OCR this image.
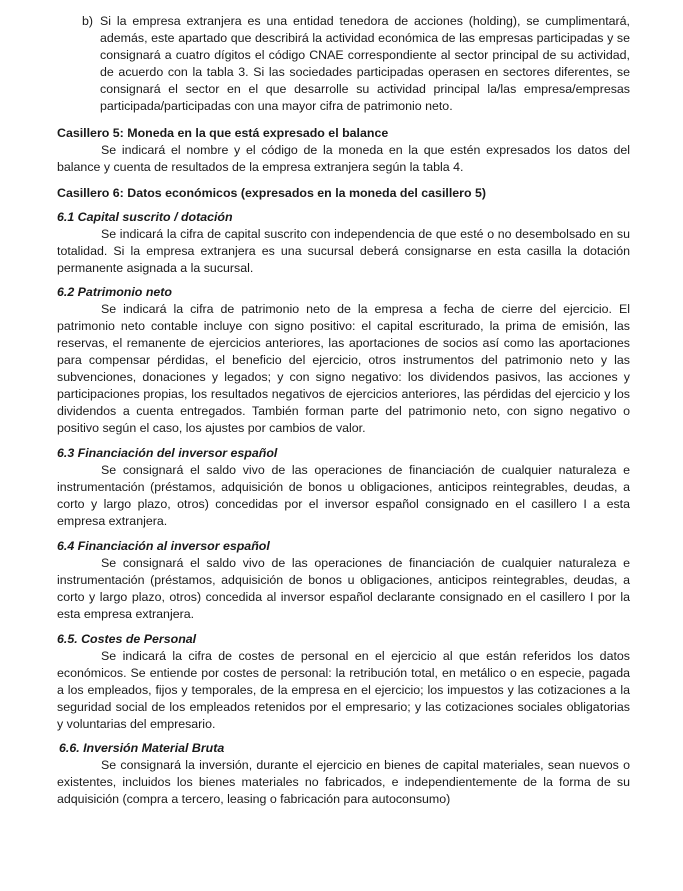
b) Si la empresa extranjera es una entidad tenedora de acciones (holding), se cumplimentará, además, este apartado que describirá la actividad económica de las empresas participadas y se consignará a cuatro dígitos el código CNAE correspondiente al sector principal de su actividad, de acuerdo con la tabla 3. Si las sociedades participadas operasen en sectores diferentes, se consignará el sector en el que desarrolle su actividad principal la/las empresa/empresas participada/participadas con una mayor cifra de patrimonio neto.

Casillero 5: Moneda en la que está expresado el balance

Se indicará el nombre y el código de la moneda en la que estén expresados los datos del balance y cuenta de resultados de la empresa extranjera según la tabla 4.

Casillero 6: Datos económicos (expresados en la moneda del casillero 5)

6.1 Capital suscrito / dotación

Se indicará la cifra de capital suscrito con independencia de que esté o no desembolsado en su totalidad. Si la empresa extranjera es una sucursal deberá consignarse en esta casilla la dotación permanente asignada a la sucursal.

6.2 Patrimonio neto

Se indicará la cifra de patrimonio neto de la empresa a fecha de cierre del ejercicio. El patrimonio neto contable incluye con signo positivo: el capital escriturado, la prima de emisión, las reservas, el remanente de ejercicios anteriores, las aportaciones de socios así como las aportaciones para compensar pérdidas, el beneficio del ejercicio, otros instrumentos del patrimonio neto y las subvenciones, donaciones y legados; y con signo negativo: los dividendos pasivos, las acciones y participaciones propias, los resultados negativos de ejercicios anteriores, las pérdidas del ejercicio y los dividendos a cuenta entregados. También forman parte del patrimonio neto, con signo negativo o positivo según el caso, los ajustes por cambios de valor.

6.3 Financiación del inversor español

Se consignará el saldo vivo de las operaciones de financiación de cualquier naturaleza e instrumentación (préstamos, adquisición de bonos u obligaciones, anticipos reintegrables, deudas, a corto y largo plazo, otros) concedidas por el inversor español consignado en el casillero I a esta empresa extranjera.

6.4 Financiación al inversor español

Se consignará el saldo vivo de las operaciones de financiación de cualquier naturaleza e instrumentación (préstamos, adquisición de bonos u obligaciones, anticipos reintegrables, deudas, a corto y largo plazo, otros) concedida al inversor español declarante consignado en el casillero I por la esta empresa extranjera.

6.5. Costes de Personal

Se indicará la cifra de costes de personal en el ejercicio al que están referidos los datos económicos. Se entiende por costes de personal: la retribución total, en metálico o en especie, pagada a los empleados, fijos y temporales, de la empresa en el ejercicio; los impuestos y las cotizaciones a la seguridad social de los empleados retenidos por el empresario; y las cotizaciones sociales obligatorias y voluntarias del empresario.

6.6. Inversión Material Bruta

Se consignará la inversión, durante el ejercicio en bienes de capital materiales, sean nuevos o existentes, incluidos los bienes materiales no fabricados, e independientemente de la forma de su adquisición (compra a tercero, leasing o fabricación para autoconsumo)
